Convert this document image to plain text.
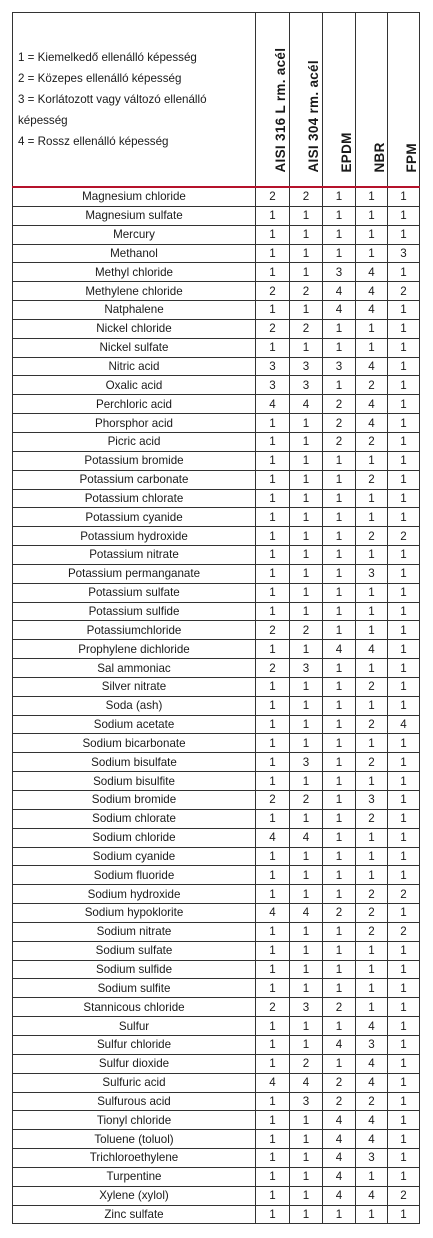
1 = Kiemelkedő ellenálló képesség
2 = Közepes ellenálló képesség
3 = Korlátozott vagy változó ellenálló képesség
4 = Rossz ellenálló képesség	AISI 316 L rm. acél	AISI 304 rm. acél	EPDM	NBR	FPM

Magnesium chloride	2	2	1	1	1
Magnesium sulfate	1	1	1	1	1
Mercury	1	1	1	1	1
Methanol	1	1	1	1	3
Methyl chloride	1	1	3	4	1
Methylene chloride	2	2	4	4	2
Natphalene	1	1	4	4	1
Nickel chloride	2	2	1	1	1
Nickel sulfate	1	1	1	1	1
Nitric acid	3	3	3	4	1
Oxalic acid	3	3	1	2	1
Perchloric acid	4	4	2	4	1
Phorsphor acid	1	1	2	4	1
Picric acid	1	1	2	2	1
Potassium bromide	1	1	1	1	1
Potassium carbonate	1	1	1	2	1
Potassium chlorate	1	1	1	1	1
Potassium cyanide	1	1	1	1	1
Potassium hydroxide	1	1	1	2	2
Potassium nitrate	1	1	1	1	1
Potassium permanganate	1	1	1	3	1
Potassium sulfate	1	1	1	1	1
Potassium sulfide	1	1	1	1	1
Potassiumchloride	2	2	1	1	1
Prophylene dichloride	1	1	4	4	1
Sal ammoniac	2	3	1	1	1
Silver nitrate	1	1	1	2	1
Soda (ash)	1	1	1	1	1
Sodium acetate	1	1	1	2	4
Sodium bicarbonate	1	1	1	1	1
Sodium bisulfate	1	3	1	2	1
Sodium bisulfite	1	1	1	1	1
Sodium bromide	2	2	1	3	1
Sodium chlorate	1	1	1	2	1
Sodium chloride	4	4	1	1	1
Sodium cyanide	1	1	1	1	1
Sodium fluoride	1	1	1	1	1
Sodium hydroxide	1	1	1	2	2
Sodium hypoklorite	4	4	2	2	1
Sodium nitrate	1	1	1	2	2
Sodium sulfate	1	1	1	1	1
Sodium sulfide	1	1	1	1	1
Sodium sulfite	1	1	1	1	1
Stannicous chloride	2	3	2	1	1
Sulfur	1	1	1	4	1
Sulfur chloride	1	1	4	3	1
Sulfur dioxide	1	2	1	4	1
Sulfuric acid	4	4	2	4	1
Sulfurous acid	1	3	2	2	1
Tionyl chloride	1	1	4	4	1
Toluene (toluol)	1	1	4	4	1
Trichloroethylene	1	1	4	3	1
Turpentine	1	1	4	1	1
Xylene (xylol)	1	1	4	4	2
Zinc sulfate	1	1	1	1	1
